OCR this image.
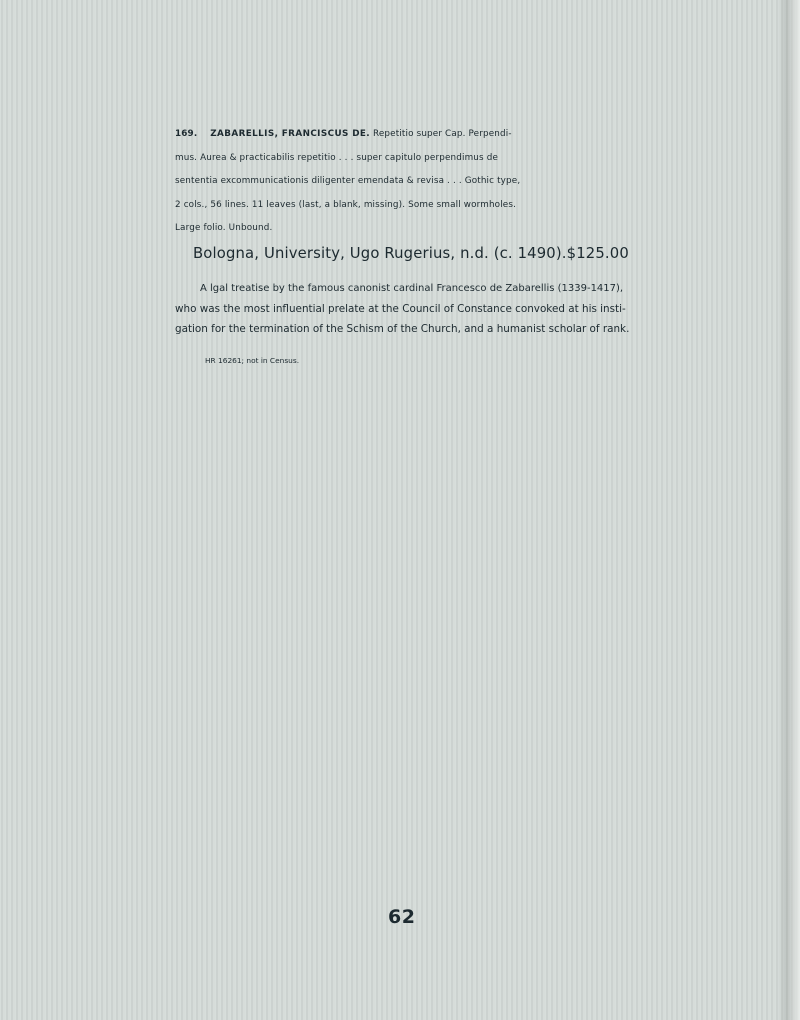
169. ZABARELLIS, FRANCISCUS DE. Repetitio super Cap. Perpendi-
mus. Aurea & practicabilis repetitio . . . super capitulo perpendimus de
sententia excommunicationis diligenter emendata & revisa . . . Gothic type,
2 cols., 56 lines. 11 leaves (last, a blank, missing). Some small wormholes.
Large folio. Unbound.
Bologna, University, Ugo Rugerius, n.d. (c. 1490). $125.00
A lgal treatise by the famous canonist cardinal Francesco de Zabarellis (1339-1417),
who was the most influential prelate at the Council of Constance convoked at his insti-
gation for the termination of the Schism of the Church, and a humanist scholar of rank.
HR 16261; not in Census.
62
